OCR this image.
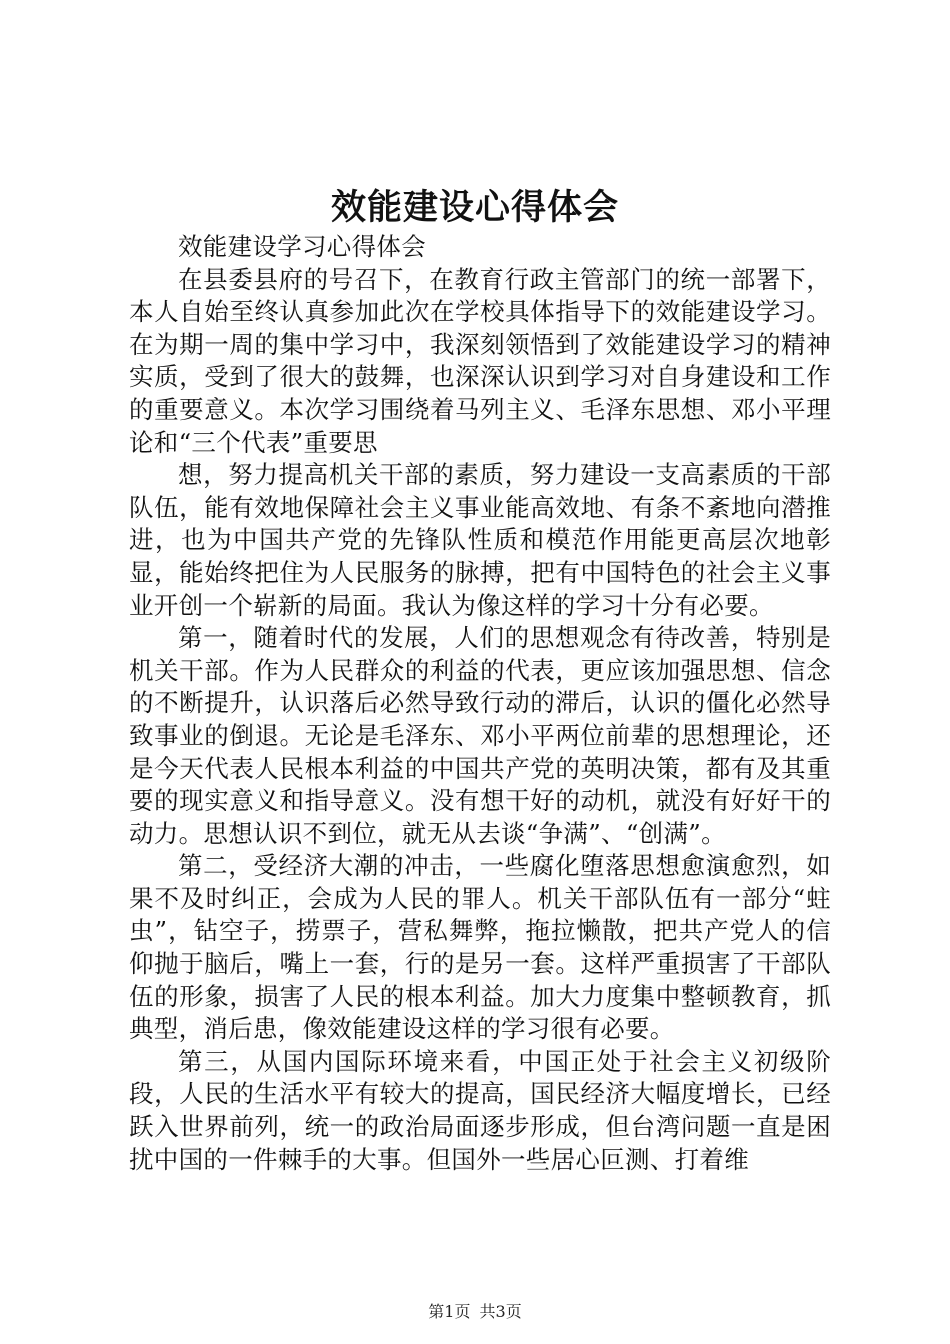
效能建设心得体会

效能建设学习心得体会

在县委县府的号召下，在教育行政主管部门的统一部署下，本人自始至终认真参加此次在学校具体指导下的效能建设学习。在为期一周的集中学习中，我深刻领悟到了效能建设学习的精神实质，受到了很大的鼓舞，也深深认识到学习对自身建设和工作的重要意义。本次学习围绕着马列主义、毛泽东思想、邓小平理论和“三个代表”重要思

想，努力提高机关干部的素质，努力建设一支高素质的干部队伍，能有效地保障社会主义事业能高效地、有条不紊地向潜推进，也为中国共产党的先锋队性质和模范作用能更高层次地彰显，能始终把住为人民服务的脉搏，把有中国特色的社会主义事业开创一个崭新的局面。我认为像这样的学习十分有必要。

第一，随着时代的发展，人们的思想观念有待改善，特别是机关干部。作为人民群众的利益的代表，更应该加强思想、信念的不断提升，认识落后必然导致行动的滞后，认识的僵化必然导致事业的倒退。无论是毛泽东、邓小平两位前辈的思想理论，还是今天代表人民根本利益的中国共产党的英明决策，都有及其重要的现实意义和指导意义。没有想干好的动机，就没有好好干的动力。思想认识不到位，就无从去谈“争满”、“创满”。

第二，受经济大潮的冲击，一些腐化堕落思想愈演愈烈，如果不及时纠正，会成为人民的罪人。机关干部队伍有一部分“蛀虫”，钻空子，捞票子，营私舞弊，拖拉懒散，把共产党人的信仰抛于脑后，嘴上一套，行的是另一套。这样严重损害了干部队伍的形象，损害了人民的根本利益。加大力度集中整顿教育，抓典型，消后患，像效能建设这样的学习很有必要。

第三，从国内国际环境来看，中国正处于社会主义初级阶段，人民的生活水平有较大的提高，国民经济大幅度增长，已经跃入世界前列，统一的政治局面逐步形成，但台湾问题一直是困扰中国的一件棘手的大事。但国外一些居心叵测、打着维

第1页 共3页
